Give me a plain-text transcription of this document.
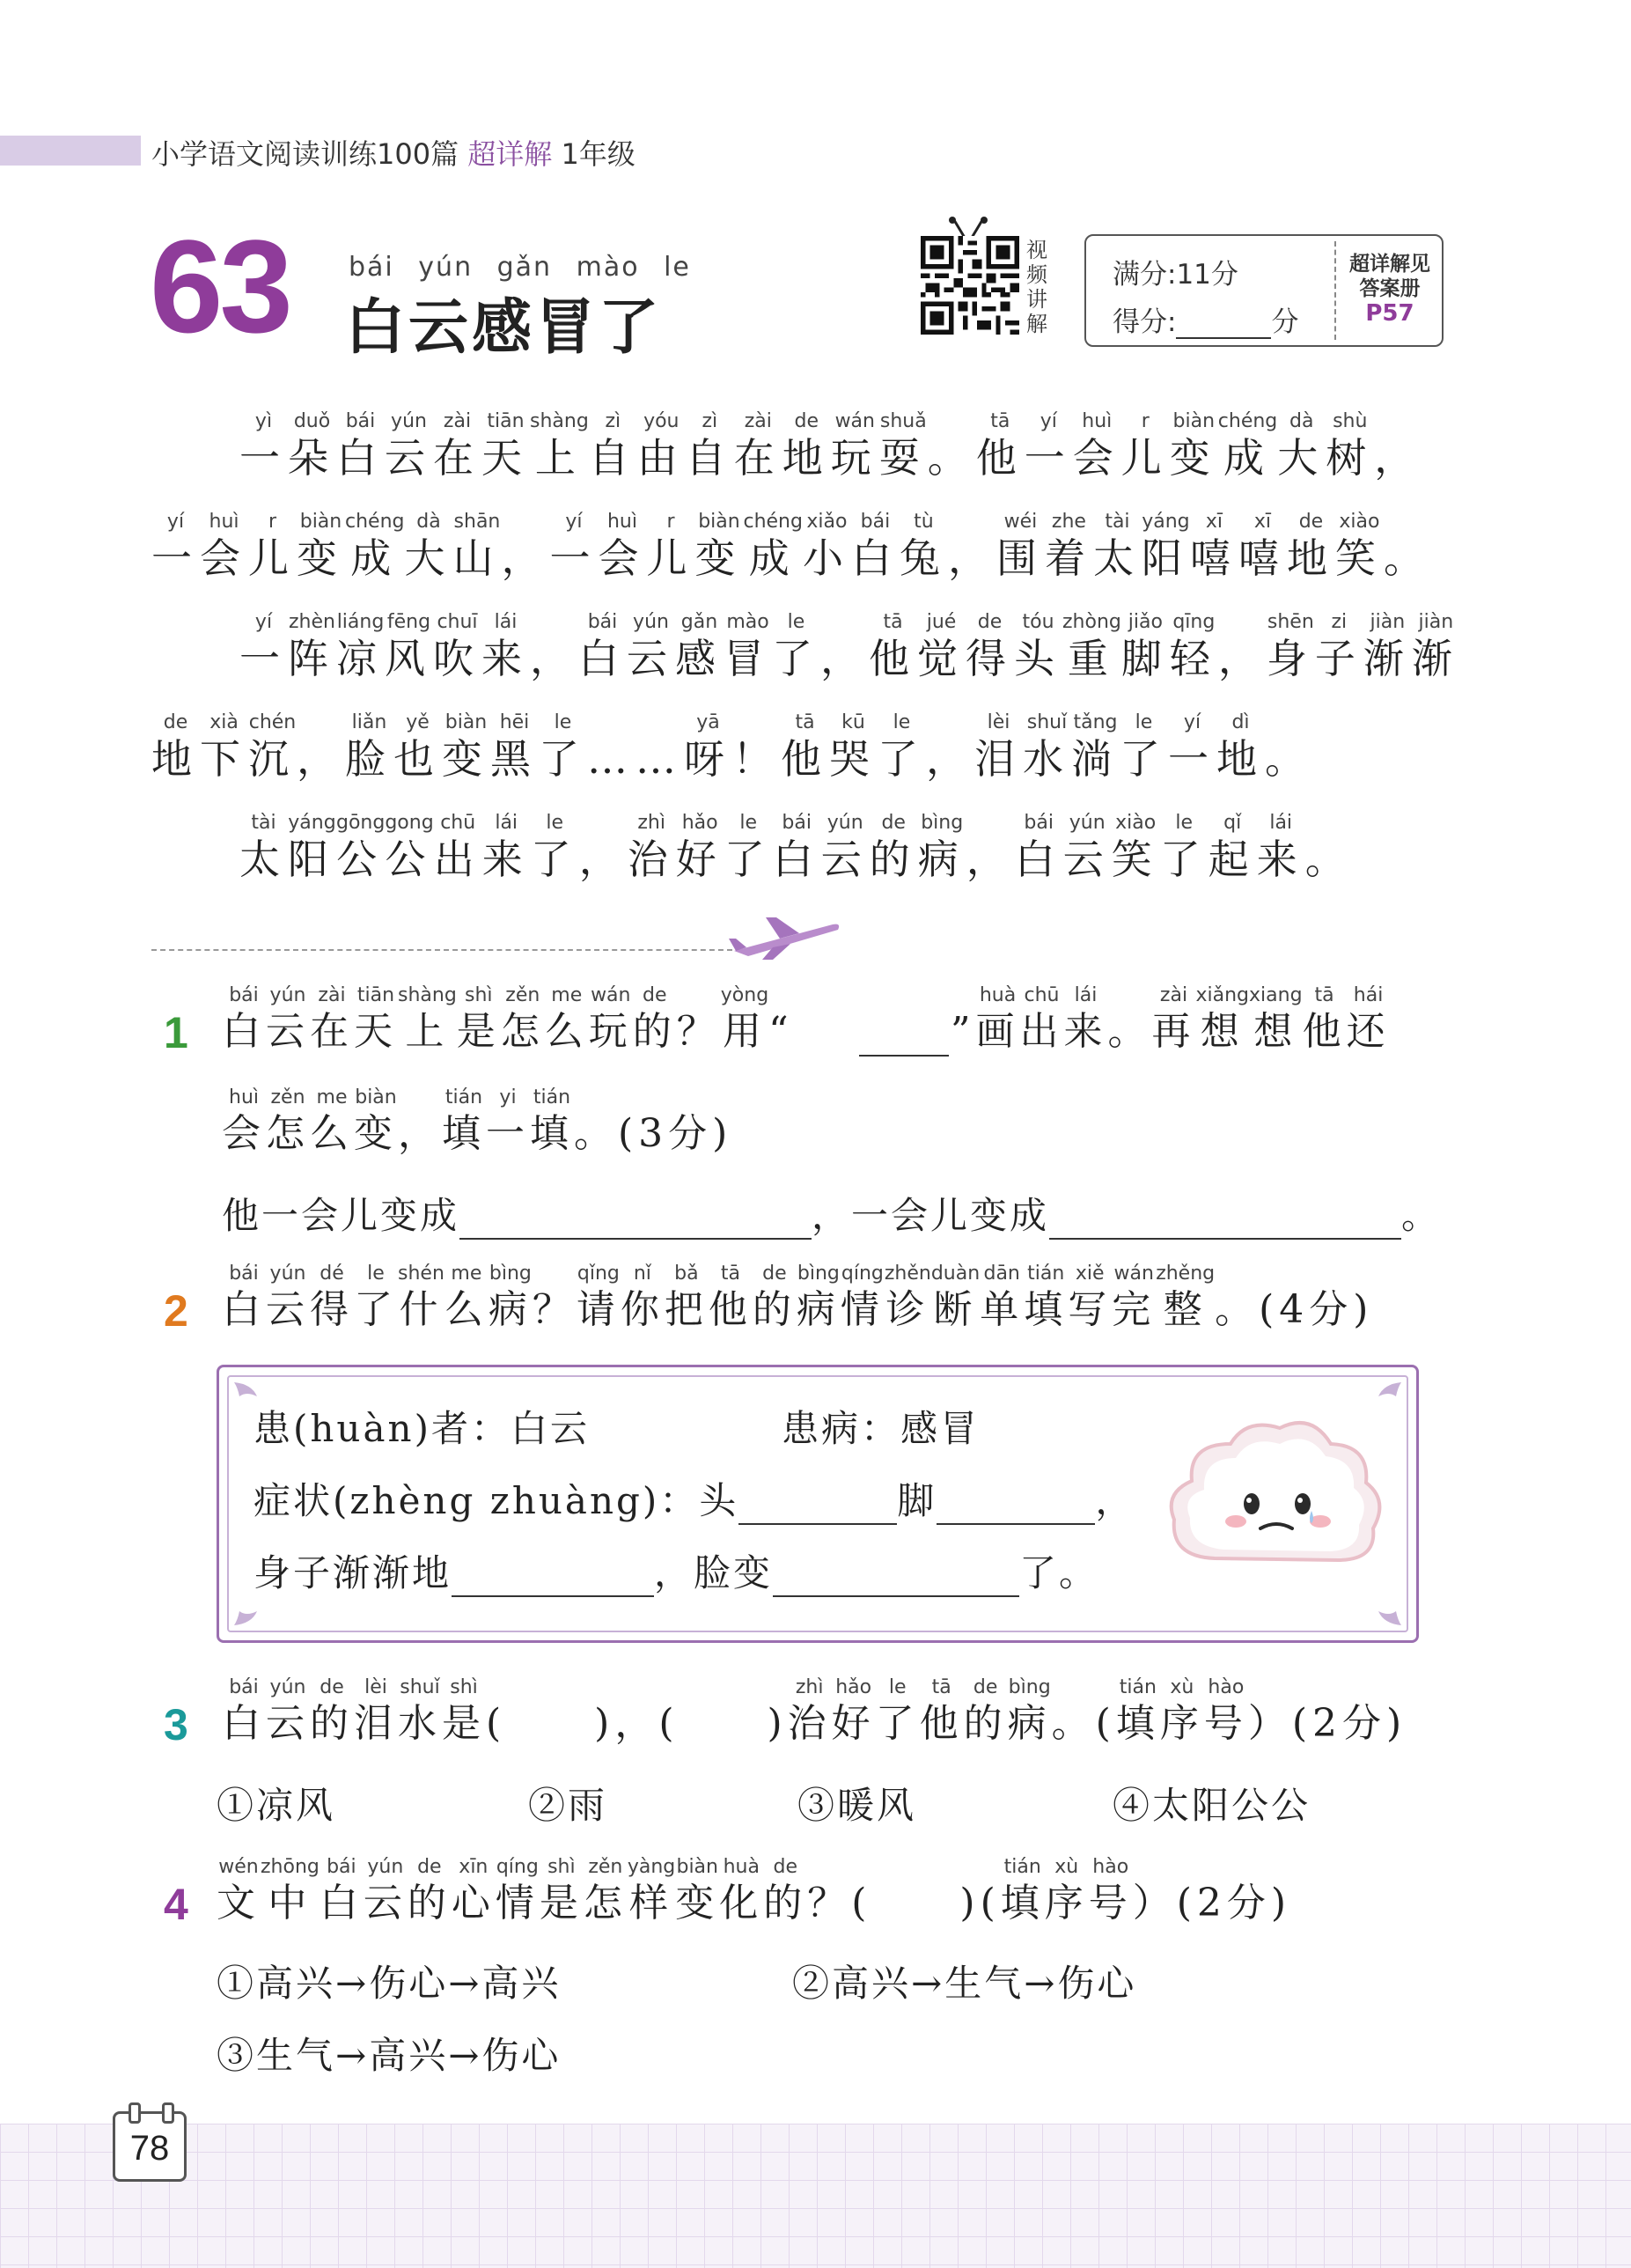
小学语文阅读训练100篇 超详解 1年级
63 bái yún gǎn mào le
白云感冒了
视
频
讲
解
满分:11分
得分:	分
超详解见
答案册
P57
一yì朵duǒ白bái云yún在zài天tiān上shàng自zì由yóu自zì在zài地de玩wán耍shuǎ。 他tā一yí会huì儿r变biàn成chéng大dà树shù，
一yí会huì儿r变biàn成chéng大dà山shān， 一yí会huì儿r变biàn成chéng小xiǎo白bái兔tù， 围wéi着zhe太tài阳yáng嘻xī嘻xī地de笑xiào。
一yí阵zhèn凉liáng风fēng吹chuī来lái， 白bái云yún感gǎn冒mào了le， 他tā觉jué得de头tóu重zhòng脚jiǎo轻qīng， 身shēn子zi渐jiàn渐jiàn
地de下xià沉chén， 脸liǎn也yě变biàn黑hēi了le…… 呀yā！ 他tā哭kū了le， 泪lèi水shuǐ淌tǎng了le一yí地dì。
太tài阳yáng公gōng公gong出chū来lái了le， 治zhì好hǎo了le白bái云yún的de病bìng， 白bái云yún笑xiào了le起qǐ来lái。
1 白bái云yún在zài天tiān上shàng是shì怎zěn么me玩wán的de？ 用yòng“	” 画huà出chū来lái。 再zài想xiǎng想xiang他tā还hái
会huì怎zěn么me变biàn， 填tián一yi填tián。 (3分)
他一会儿变成	，一会儿变成	。
2 白bái云yún得dé了le什shén么me病bìng？ 请qǐng你nǐ把bǎ他tā的de病bìng情qíng诊zhěn断duàn单dān填tián写xiě完wán整zhěng。 (4分)
患(huàn)者：白云	患病：感冒
症状(zhèng zhuàng)：头	脚	，
身子渐渐地	，脸变	了。
3 白bái云yún的de泪lèi水shuǐ是shì(　　)，(　　) 治zhì好hǎo了le他tā的de病bìng。 ( 填tián序xù号hào）(2分)
①凉风	②雨	③暖风	④太阳公公
4 文wén中zhōng白bái云yún的de心xīn情qíng是shì怎zěn样yàng变biàn化huà的de？(　　)( 填tián序xù号hào）(2分)
①高兴→伤心→高兴	②高兴→生气→伤心
③生气→高兴→伤心
78
